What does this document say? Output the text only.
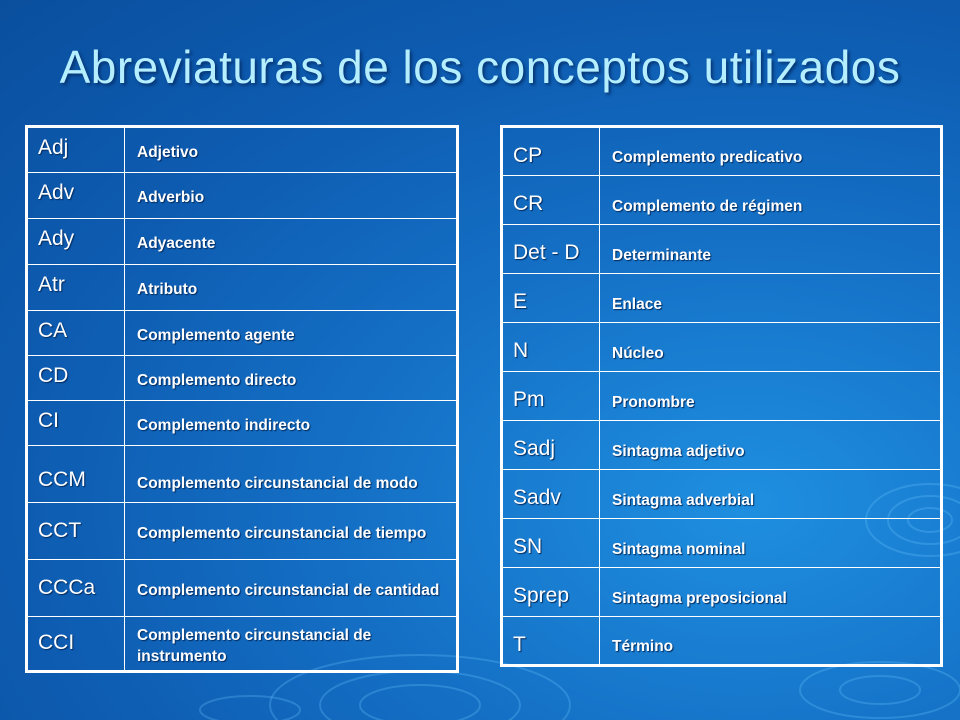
Abreviaturas de los conceptos utilizados
Adj	Adjetivo
Adv	Adverbio
Ady	Adyacente
Atr	Atributo
CA	Complemento agente
CD	Complemento directo
CI	Complemento indirecto
CCM	Complemento circunstancial de modo
CCT	Complemento circunstancial de tiempo
CCCa	Complemento circunstancial de cantidad
CCI	Complemento circunstancial de instrumento
CP	Complemento predicativo
CR	Complemento de régimen
Det - D	Determinante
E	Enlace
N	Núcleo
Pm	Pronombre
Sadj	Sintagma adjetivo
Sadv	Sintagma adverbial
SN	Sintagma nominal
Sprep	Sintagma preposicional
T	Término
